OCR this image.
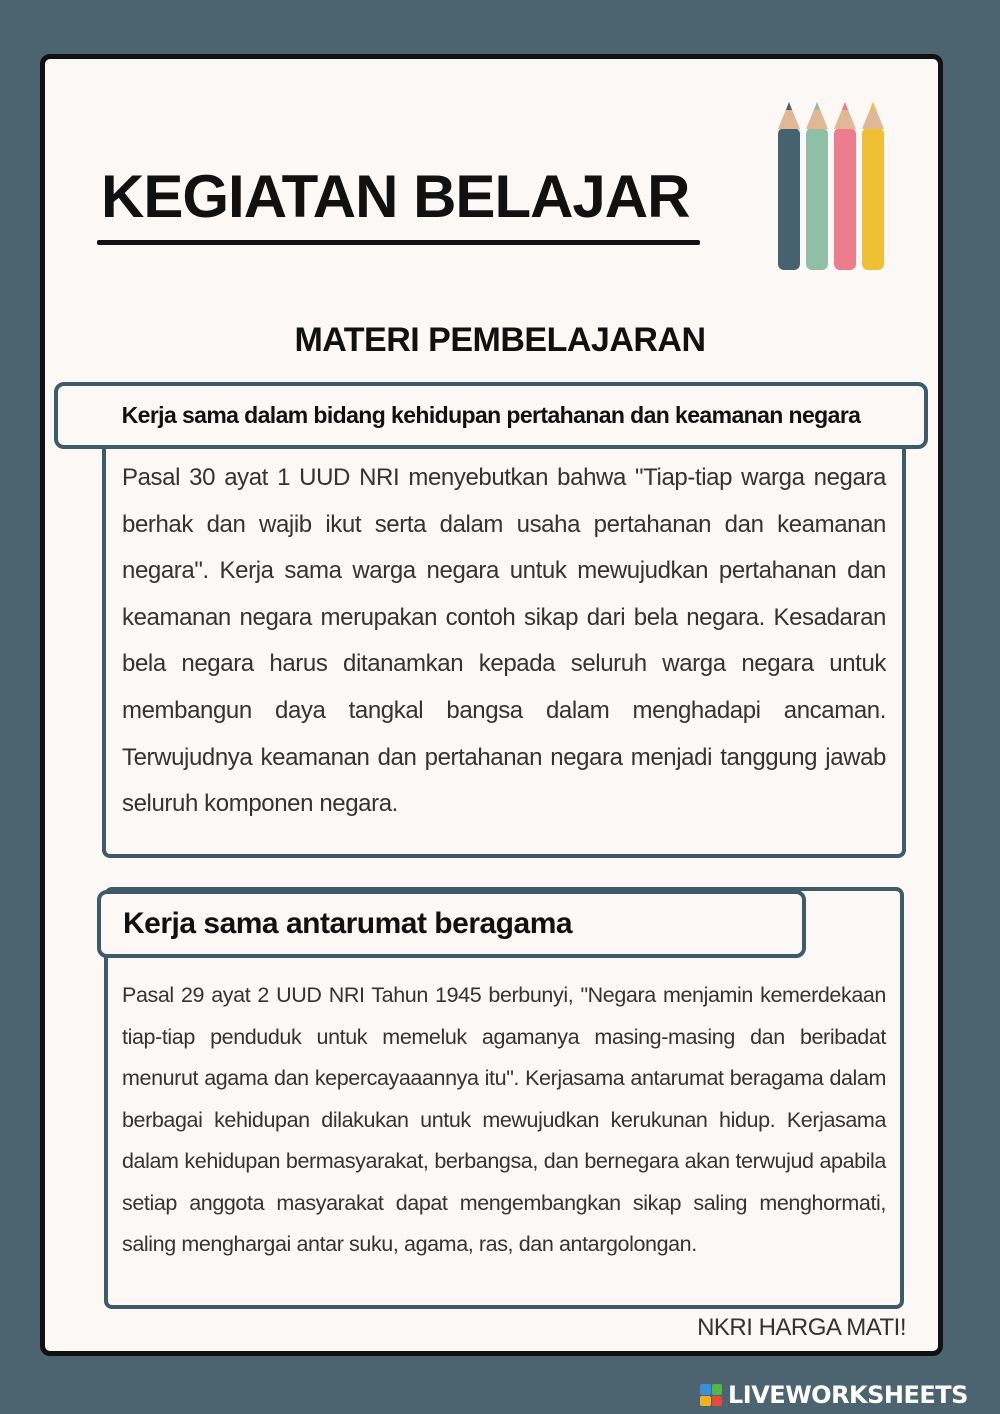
KEGIATAN BELAJAR
MATERI PEMBELAJARAN
Kerja sama dalam bidang kehidupan pertahanan dan keamanan negara

Pasal 30 ayat 1 UUD NRI menyebutkan bahwa "Tiap-tiap warga negara berhak dan wajib ikut serta dalam usaha pertahanan dan keamanan negara". Kerja sama warga negara untuk mewujudkan pertahanan dan keamanan negara merupakan contoh sikap dari bela negara. Kesadaran bela negara harus ditanamkan kepada seluruh warga negara untuk membangun daya tangkal bangsa dalam menghadapi ancaman. Terwujudnya keamanan dan pertahanan negara menjadi tanggung jawab seluruh komponen negara.

Kerja sama antarumat beragama

Pasal 29 ayat 2 UUD NRI Tahun 1945 berbunyi, "Negara menjamin kemerdekaan tiap-tiap penduduk untuk memeluk agamanya masing-masing dan beribadat menurut agama dan kepercayaaannya itu". Kerjasama antarumat beragama dalam berbagai kehidupan dilakukan untuk mewujudkan kerukunan hidup. Kerjasama dalam kehidupan bermasyarakat, berbangsa, dan bernegara akan terwujud apabila setiap anggota masyarakat dapat mengembangkan sikap saling menghormati, saling menghargai antar suku, agama, ras, dan antargolongan.

NKRI HARGA MATI!

LIVEWORKSHEETS
